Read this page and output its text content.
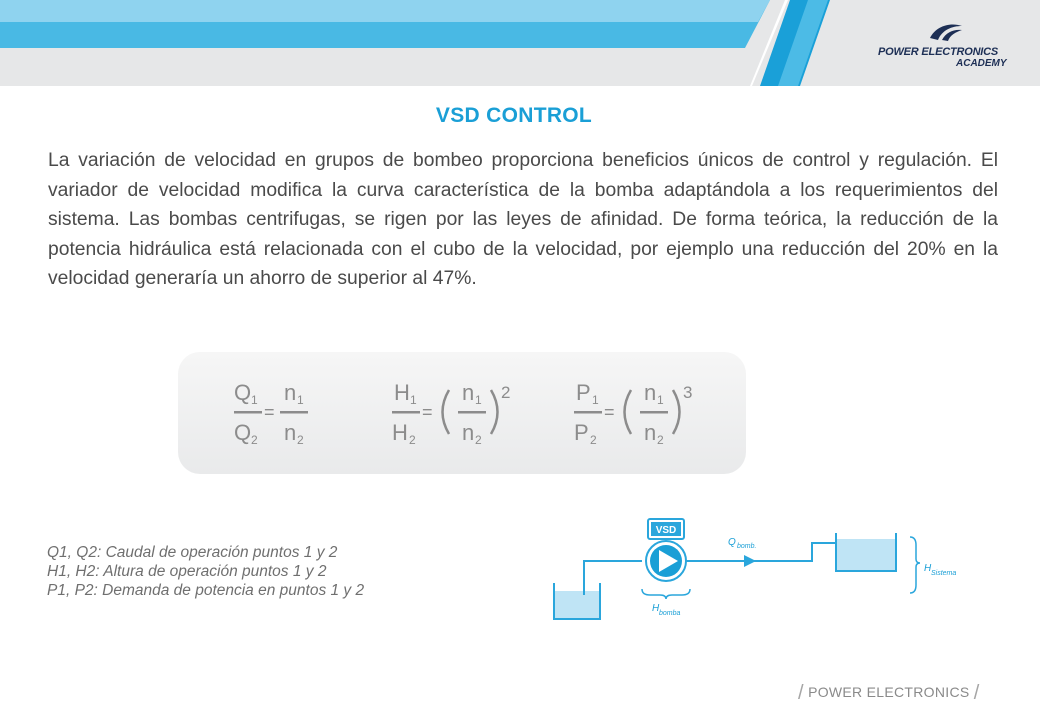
POWER ELECTRONICS
ACADEMY
VSD CONTROL
La variación de velocidad en grupos de bombeo proporciona beneficios únicos de control y regulación. El variador de velocidad modifica la curva característica de la bomba adaptándola a los requerimientos del sistema. Las bombas centrifugas, se rigen por las leyes de afinidad. De forma teórica, la reducción de la potencia hidráulica está relacionada con el cubo de la velocidad, por ejemplo una reducción del 20% en la velocidad generaría un ahorro de superior al 47%.
Q 1
Q 2
=
n 1
n 2
H 1
H 2
=
n 1
n 2
2	P 1
P 2
=
n 1
n 2
3
Q1, Q2: Caudal de operación puntos 1 y 2
H1, H2: Altura de operación puntos 1 y 2
P1, P2: Demanda de potencia en puntos 1 y 2
VSD
H bomba
Q bomb.
H Sistema
/ POWER ELECTRONICS /
